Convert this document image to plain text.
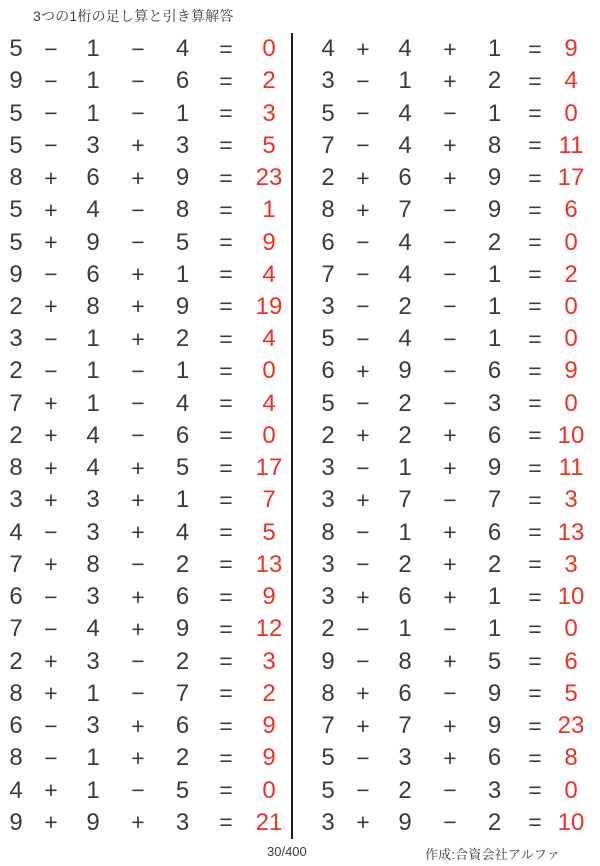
3つの1桁の足し算と引き算解答
5 −	1	−	4	=	0
9 −	1	−	6	=	2
5 −	1	−	1	=	3
5 −	3	+	3	=	5
8 +	6	+	9	= 23
5 +	4	−	8	=	1
5 +	9	−	5	=	9
9 −	6	+	1	=	4
2 +	8	+	9	= 19
3 −	1	+	2	=	4
2 −	1	−	1	=	0
7 +	1	−	4	=	4
2 +	4	−	6	=	0
8 +	4	+	5	= 17
3 +	3	+	1	=	7
4 −	3	+	4	=	5
7 +	8	−	2	= 13
6 −	3	+	6	=	9
7 −	4	+	9	= 12
2 +	3	−	2	=	3
8 +	1	−	7	=	2
6 −	3	+	6	=	9
8 −	1	+	2	=	9
4 +	1	−	5	=	0
9 +	9	+	3	= 21
4 +	4	+	1	= 9
3 −	1	+	2	= 4
5 −	4	−	1	= 0
7 −	4	+	8	= 11
2 +	6	+	9	= 17
8 +	7	−	9	= 6
6 −	4	−	2	= 0
7 −	4	−	1	= 2
3 −	2	−	1	= 0
5 −	4	−	1	= 0
6 +	9	−	6	= 9
5 −	2	−	3	= 0
2 +	2	+	6	= 10
3 −	1	+	9	= 11
3 +	7	−	7	= 3
8 −	1	+	6	= 13
3 −	2	+	2	= 3
3 +	6	+	1	= 10
2 −	1	−	1	= 0
9 −	8	+	5	= 6
8 +	6	−	9	= 5
7 +	7	+	9	= 23
5 −	3	+	6	= 8
5 −	2	−	3	= 0
3 +	9	−	2	= 10
30/400	作成:合資会社アルファ
